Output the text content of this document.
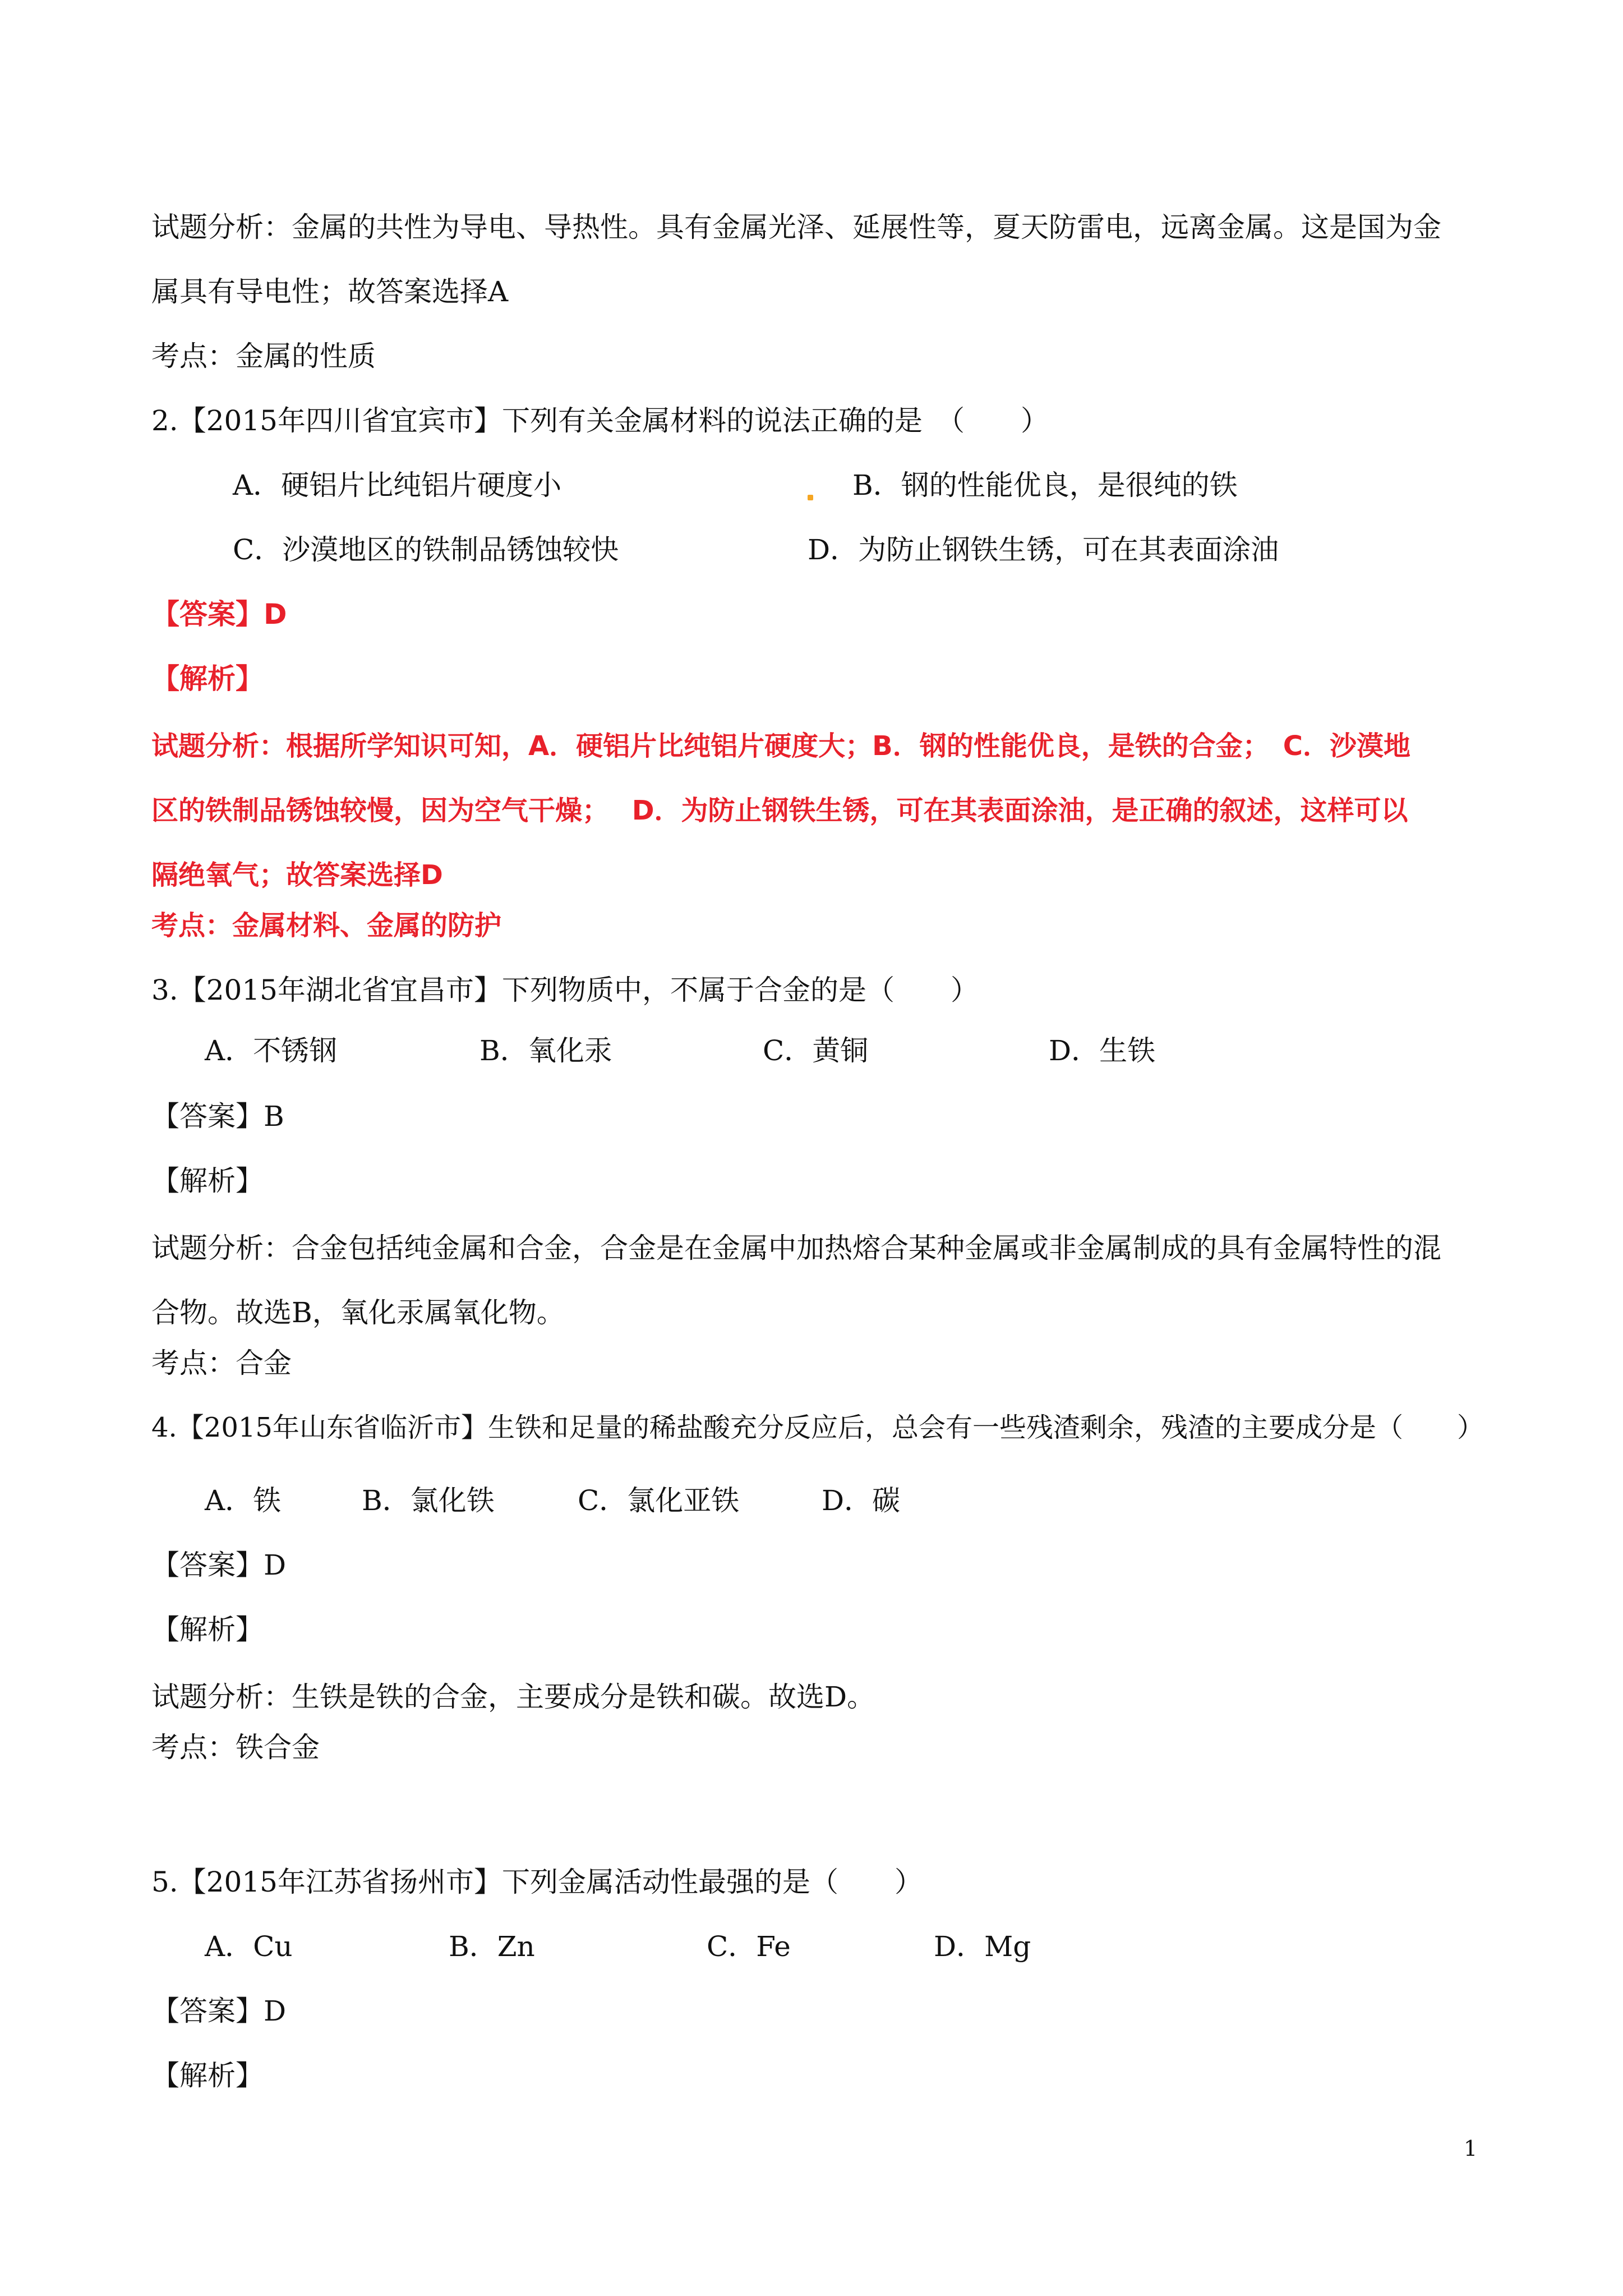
试题分析：金属的共性为导电、导热性。具有金属光泽、延展性等，夏天防雷电，远离金属。这是国为金
属具有导电性；故答案选择A
考点：金属的性质
2.【2015年四川省宜宾市】下列有关金属材料的说法正确的是　（　　）
A．硬铝片比纯铝片硬度小	B．钢的性能优良，是很纯的铁
C．沙漠地区的铁制品锈蚀较快	D．为防止钢铁生锈，可在其表面涂油
【答案】D
【解析】
试题分析：根据所学知识可知，A．硬铝片比纯铝片硬度大；B．钢的性能优良，是铁的合金；　C．沙漠地
区的铁制品锈蚀较慢，因为空气干燥；　 D．为防止钢铁生锈，可在其表面涂油，是正确的叙述，这样可以
隔绝氧气；故答案选择D
考点：金属材料、金属的防护
3.【2015年湖北省宜昌市】下列物质中，不属于合金的是（　　）
A．不锈钢	B．氧化汞	C．黄铜	D．生铁
【答案】B
【解析】
试题分析：合金包括纯金属和合金，合金是在金属中加热熔合某种金属或非金属制成的具有金属特性的混
合物。故选B，氧化汞属氧化物。
考点：合金
4.【2015年山东省临沂市】生铁和足量的稀盐酸充分反应后，总会有一些残渣剩余，残渣的主要成分是（　　）
A．铁	B．氯化铁	C．氯化亚铁	D．碳
【答案】D
【解析】
试题分析：生铁是铁的合金，主要成分是铁和碳。故选D。
考点：铁合金
5.【2015年江苏省扬州市】下列金属活动性最强的是（　　）
A．Cu	B．Zn	C．Fe	D．Mg
【答案】D
【解析】
1
